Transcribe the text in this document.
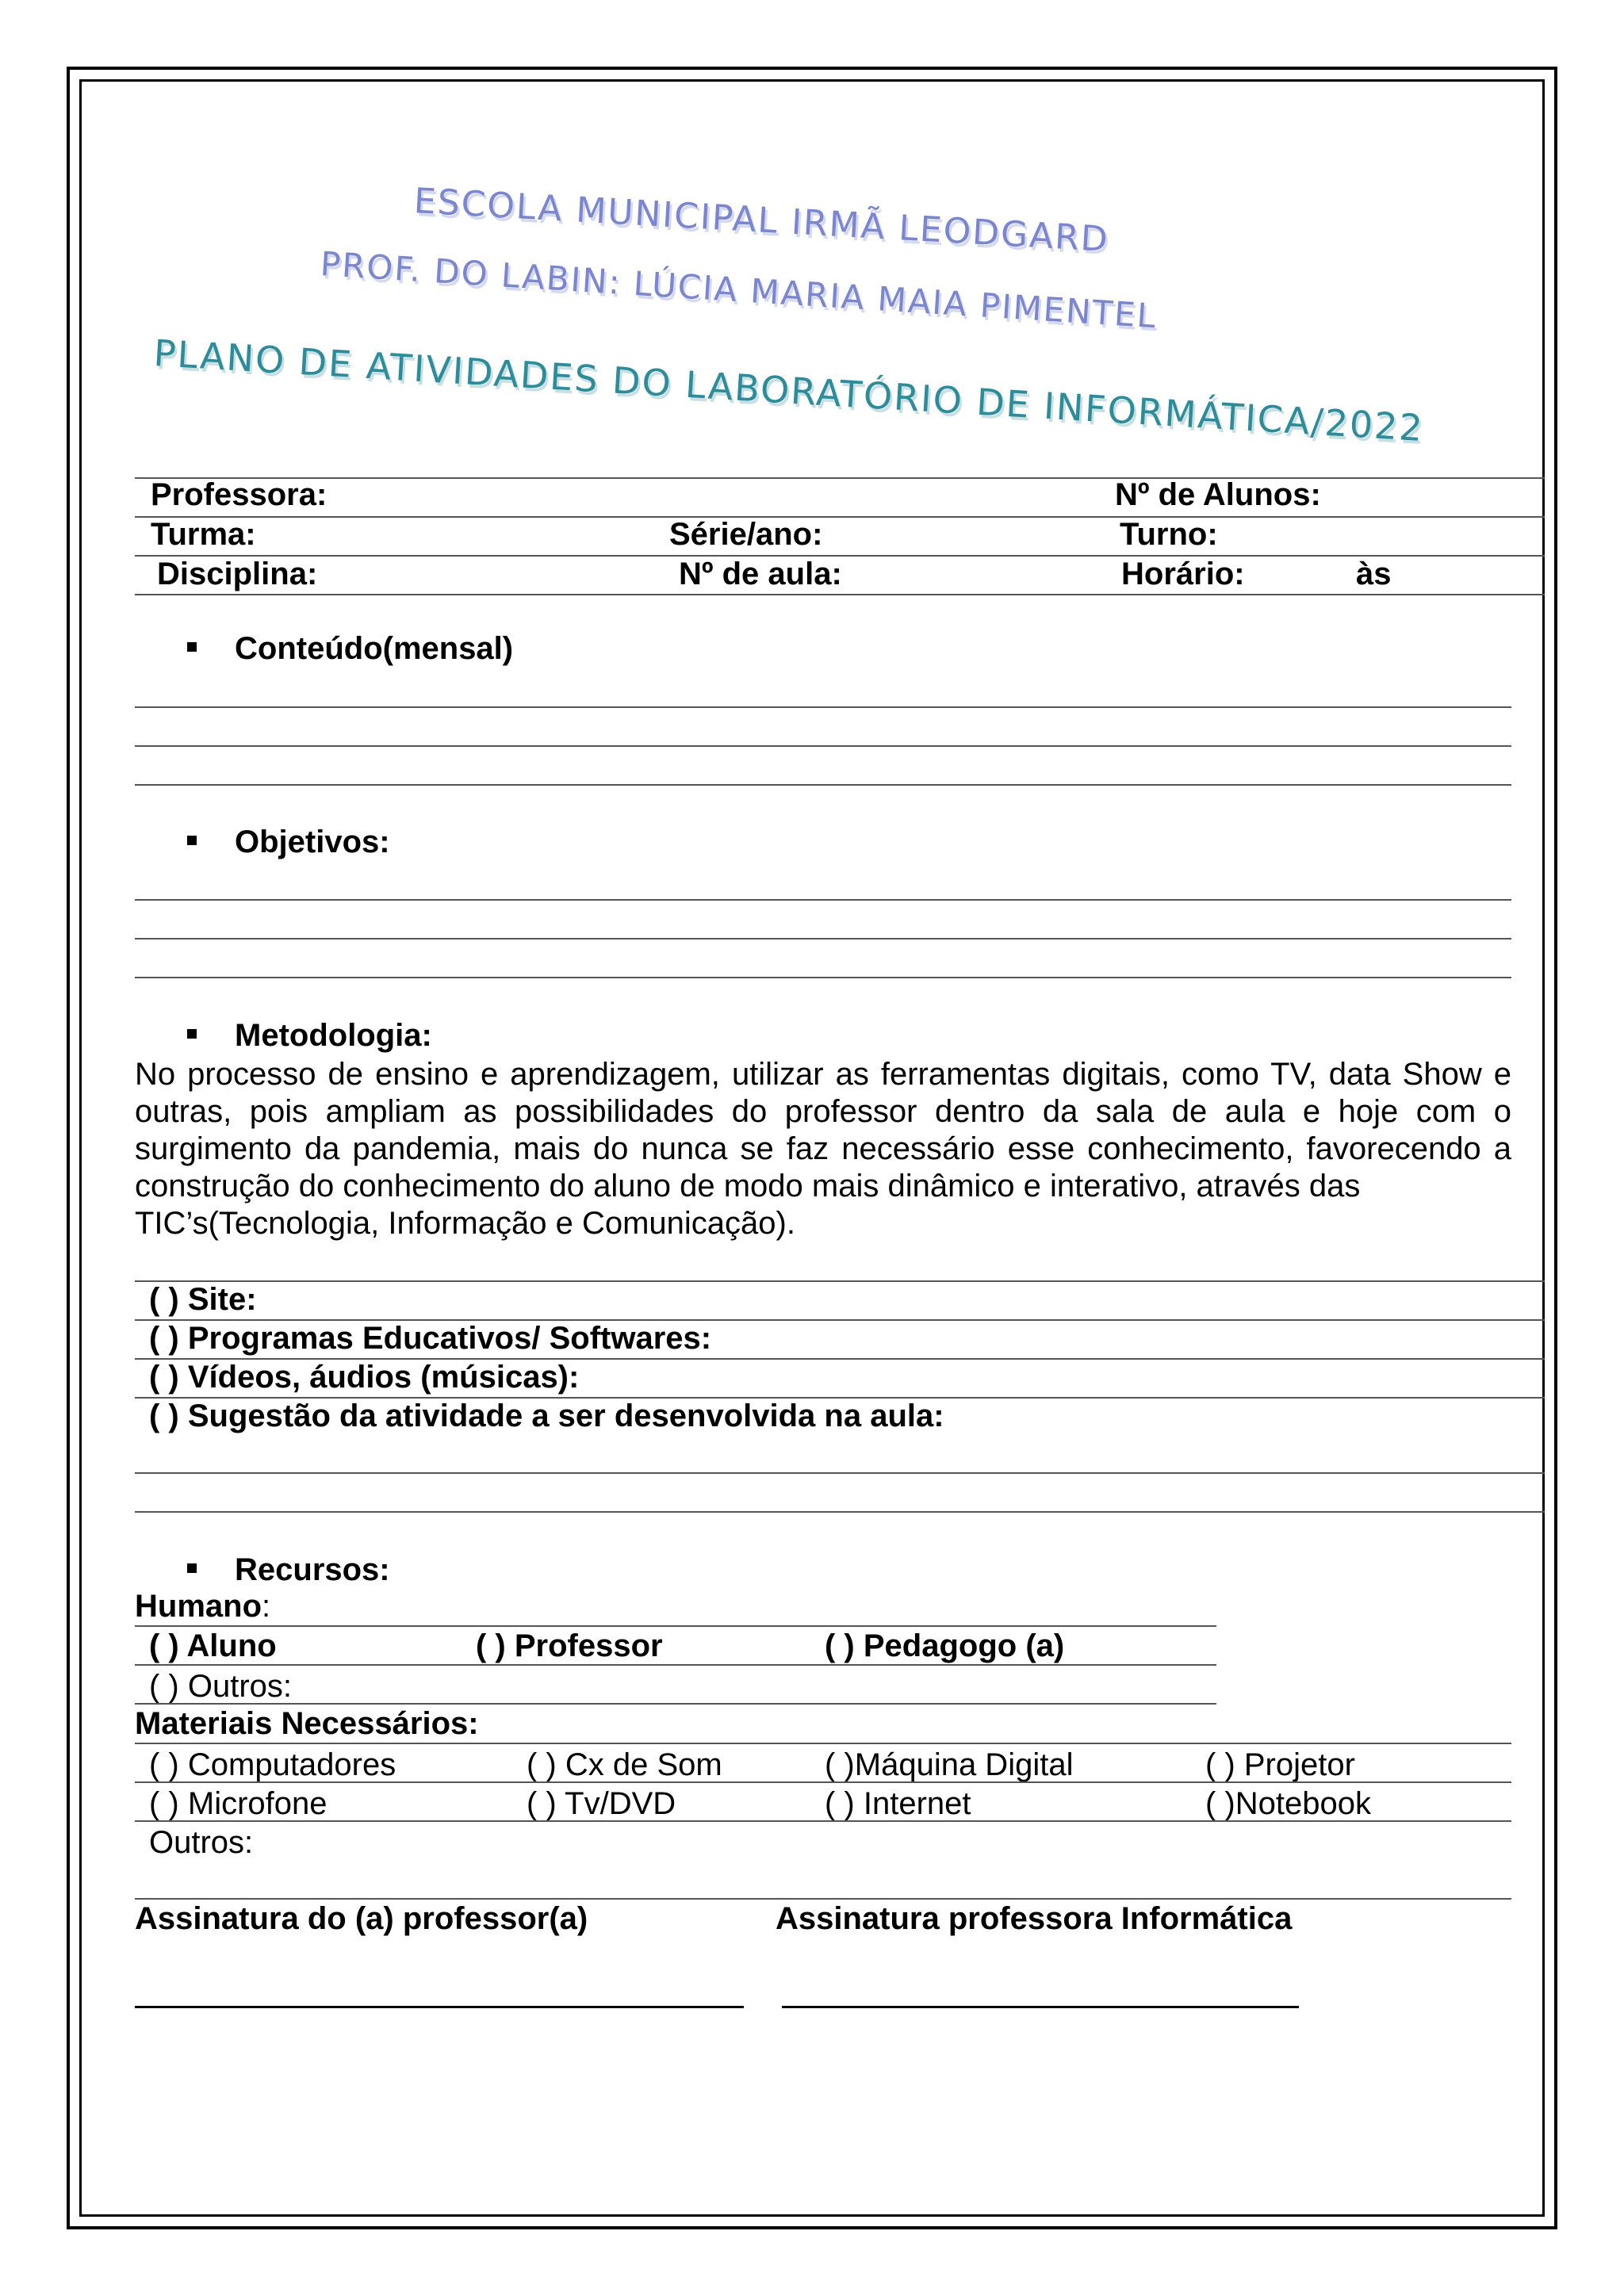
ESCOLA MUNICIPAL IRMÃ LEODGARD
PROF. DO LABIN: LÚCIA MARIA MAIA PIMENTEL
PLANO DE ATIVIDADES DO LABORATÓRIO DE INFORMÁTICA/2022
Professora:	Nº de Alunos:
Turma:	Série/ano:	Turno:
Disciplina:	Nº de aula:	Horário:	às
Conteúdo(mensal)
Objetivos:
Metodologia:
No processo de ensino e aprendizagem, utilizar as ferramentas digitais, como TV, data Show e outras, pois ampliam as possibilidades do professor dentro da sala de aula e hoje com o surgimento da pandemia, mais do nunca se faz necessário esse conhecimento, favorecendo a construção do conhecimento do aluno de modo mais dinâmico e interativo, através das
TIC’s(Tecnologia, Informação e Comunicação).
( ) Site:
( ) Programas Educativos/ Softwares:
( ) Vídeos, áudios (músicas):
( ) Sugestão da atividade a ser desenvolvida na aula:
Recursos:
Humano:
( ) Aluno	( ) Professor	( ) Pedagogo (a)
( ) Outros:
Materiais Necessários:
( ) Computadores	( ) Cx de Som	( )Máquina Digital	( ) Projetor
( ) Microfone	( ) Tv/DVD	( ) Internet	( )Notebook
Outros:
Assinatura do (a) professor(a)	Assinatura professora Informática
